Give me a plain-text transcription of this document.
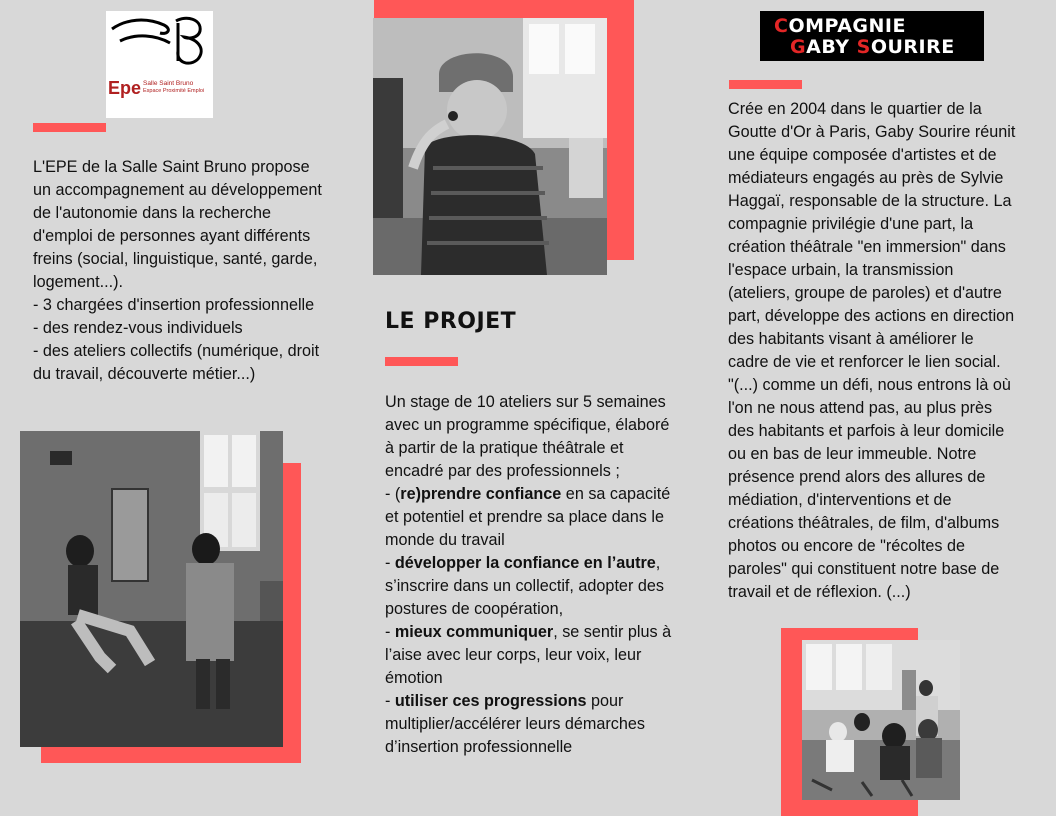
Epe Salle Saint Bruno
Espace Proximité Emploi

L'EPE de la Salle Saint Bruno propose un accompagnement au développement de l'autonomie dans la recherche d'emploi de personnes ayant différents freins (social, linguistique, santé, garde, logement...).

- 3 chargées d'insertion professionnelle

- des rendez-vous individuels

- des ateliers collectifs (numérique, droit du travail, découverte métier...)

LE PROJET

Un stage de 10 ateliers sur 5 semaines avec un programme spécifique, élaboré à partir de la pratique théâtrale et encadré par des professionnels ;

- (re)prendre confiance en sa capacité et potentiel et prendre sa place dans le monde du travail

- développer la confiance en l’autre, s’inscrire dans un collectif, adopter des postures de coopération,

- mieux communiquer, se sentir plus à l’aise avec leur corps, leur voix, leur émotion

- utiliser ces progressions pour multiplier/accélérer leurs démarches d’insertion professionnelle

COMPAGNIE
GABY SOURIRE

Crée en 2004 dans le quartier de la Goutte d'Or à Paris, Gaby Sourire réunit une équipe composée d'artistes et de médiateurs engagés au près de Sylvie Haggaï, responsable de la structure. La compagnie privilégie d'une part, la création théâtrale "en immersion" dans l'espace urbain, la transmission (ateliers, groupe de paroles) et d'autre part, développe des actions en direction des habitants visant à améliorer le cadre de vie et renforcer le lien social.

"(...) comme un défi, nous entrons là où l'on ne nous attend pas, au plus près des habitants et parfois à leur domicile ou en bas de leur immeuble. Notre présence prend alors des allures de médiation, d'interventions et de créations théâtrales, de film, d'albums photos ou encore de "récoltes de paroles" qui constituent notre base de travail et de réflexion. (...)
